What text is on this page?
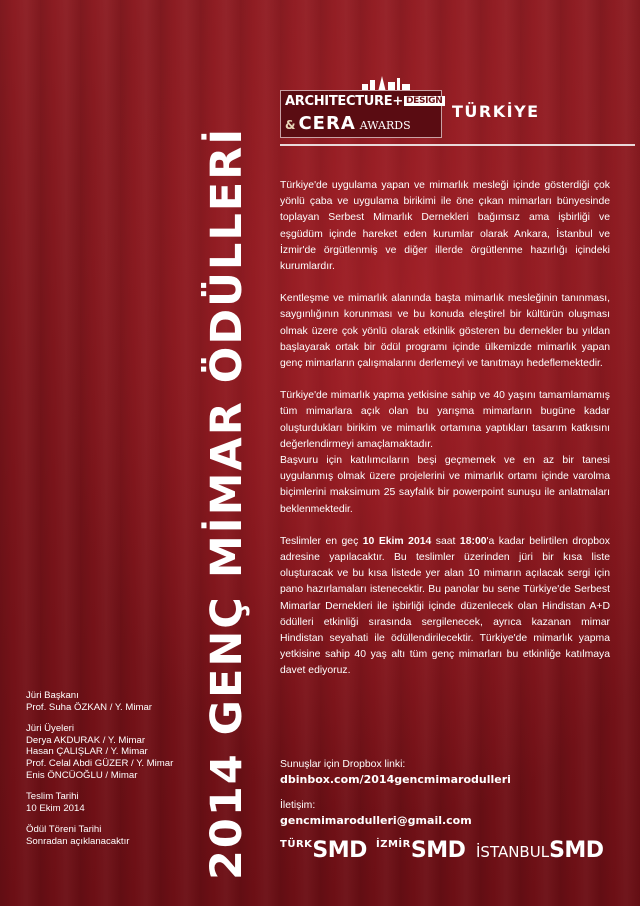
ARCHITECTURE+ DESIGN
& CERA AWARDS
TÜRKİYE
2014 GENÇ MİMAR ÖDÜLLERİ	Türkiye'de uygulama yapan ve mimarlık mesleği içinde gösterdiği çok yönlü çaba ve uygulama birikimi ile öne çıkan mimarları bünyesinde toplayan Serbest Mimarlık Dernekleri bağımsız ama işbirliği ve eşgüdüm içinde hareket eden kurumlar olarak Ankara, İstanbul ve İzmir'de örgütlenmiş ve diğer illerde örgütlenme hazırlığı içindeki kurumlardır.

Kentleşme ve mimarlık alanında başta mimarlık mesleğinin tanınması, saygınlığının korunması ve bu konuda eleştirel bir kültürün oluşması olmak üzere çok yönlü olarak etkinlik gösteren bu dernekler bu yıldan başlayarak ortak bir ödül programı içinde ülkemizde mimarlık yapan genç mimarların çalışmalarını derlemeyi ve tanıtmayı hedeflemektedir.

Türkiye'de mimarlık yapma yetkisine sahip ve 40 yaşını tamamlamamış tüm mimarlara açık olan bu yarışma mimarların bugüne kadar oluşturdukları birikim ve mimarlık ortamına yaptıkları tasarım katkısını değerlendirmeyi amaçlamaktadır.

Başvuru için katılımcıların beşi geçmemek ve en az bir tanesi uygulanmış olmak üzere projelerini ve mimarlık ortamı içinde varolma biçimlerini maksimum 25 sayfalık bir powerpoint sunuşu ile anlatmaları beklenmektedir.

Teslimler en geç 10 Ekim 2014 saat 18:00'a kadar belirtilen dropbox adresine yapılacaktır. Bu teslimler üzerinden jüri bir kısa liste oluşturacak ve bu kısa listede yer alan 10 mimarın açılacak sergi için pano hazırlamaları istenecektir. Bu panolar bu sene Türkiye'de Serbest Mimarlar Dernekleri ile işbirliği içinde düzenlecek olan Hindistan A+D ödülleri etkinliği sırasında sergilenecek, ayrıca kazanan mimar Hindistan seyahati ile ödüllendirilecektir. Türkiye'de mimarlık yapma yetkisine sahip 40 yaş altı tüm genç mimarları bu etkinliğe katılmaya davet ediyoruz.

Sunuşlar için Dropbox linki:
dbinbox.com/2014gencmimarodulleri
İletişim:
gencmimarodulleri@gmail.com
$^{TÜRK}$SMD $^{İZMİR}$SMD İSTANBULSMD
Jüri Başkanı
Prof. Suha ÖZKAN / Y. Mimar
Jüri Üyeleri
Derya AKDURAK / Y. Mimar
Hasan ÇALIŞLAR / Y. Mimar
Prof. Celal Abdi GÜZER / Y. Mimar
Enis ÖNCÜOĞLU / Mimar
Teslim Tarihi
10 Ekim 2014
Ödül Töreni Tarihi
Sonradan açıklanacaktır
